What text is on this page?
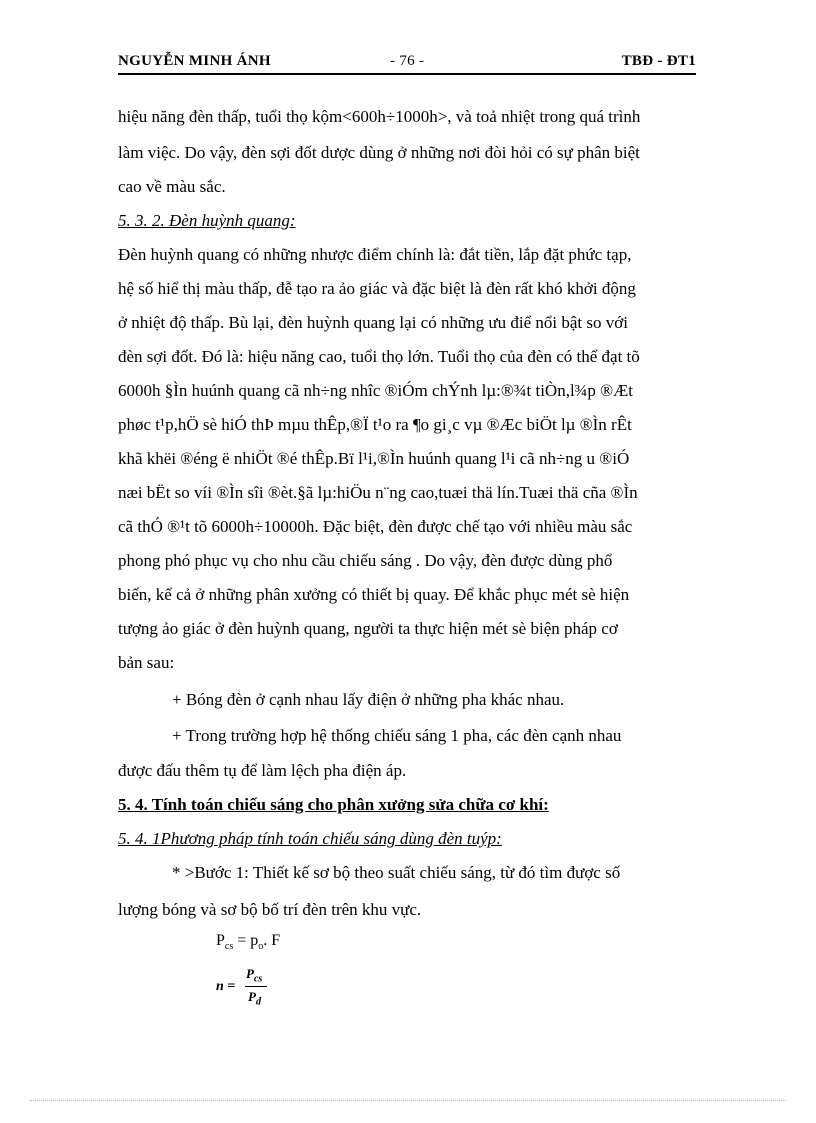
NGUYỄN MINH ÁNH	- 76 -	TBĐ - ĐT1
hiệu năng đèn thấp, tuổi thọ kộm<600h÷1000h>, và toả nhiệt trong quá trình
làm việc. Do vậy, đèn sợi đốt dược dùng ở những nơi đòi hỏi có sự phân biệt
cao về màu sắc.
5. 3. 2. Đèn huỳnh quang:
Đèn huỳnh quang có những nhược điểm chính là: đắt tiền, lắp đặt phức tạp,
hệ số hiể thị màu thấp, đễ tạo ra ảo giác và đặc biệt là đèn rất khó khởi động
ở nhiệt độ thấp. Bù lại, đèn huỳnh quang lại có những ưu điể nổi bật so với
đèn sợi đốt. Đó là: hiệu năng cao, tuổi thọ lớn. Tuổi thọ của đèn có thể đạt tõ
6000h §Ìn huúnh quang cã nh÷ng nhîc ®iÓm chÝnh lµ:®¾t tiÒn,l¾p ®Æt
phøc t¹p,hÖ sè hiÓ thÞ mµu thÊp,®Ï t¹o ra ¶o gi¸c vµ ®Æc biÖt lµ ®Ìn rÊt
khã khëi ®éng ë nhiÖt ®é thÊp.Bï l¹i,®Ìn huúnh quang l¹i cã nh÷ng u ®iÓ
næi bËt so víi ®Ìn sîi ®èt.§ã lµ:hiÖu n¨ng cao,tuæi thä lín.Tuæi thä cña ®Ìn
cã thÓ ®¹t tõ 6000h÷10000h. Đặc biệt, đèn được chế tạo với nhiều màu sắc
phong phó phục vụ cho nhu cầu chiếu sáng . Do vậy, đèn được dùng phổ
biến, kể cả ở những phân xưởng có thiết bị quay. Để khắc phục mét sè hiện
tượng ảo giác ở đèn huỳnh quang, người ta thực hiện mét sè biện pháp cơ
bản sau:
+ Bóng đèn ở cạnh nhau lấy điện ở những pha khác nhau.
+ Trong trường hợp hệ thống chiếu sáng 1 pha, các đèn cạnh nhau
được đấu thêm tụ để làm lệch pha điện áp.
5. 4. Tính toán chiếu sáng cho phân xưởng sửa chữa cơ khí:
5. 4. 1Phương pháp tính toán chiếu sáng dùng đèn tuýp:
* >Bước 1: Thiết kế sơ bộ theo suất chiếu sáng, từ đó tìm được số
lượng bóng và sơ bộ bố trí đèn trên khu vực.
$P_{cs} = p_o$. F
n =
$P_{cs}$
$P_d$
